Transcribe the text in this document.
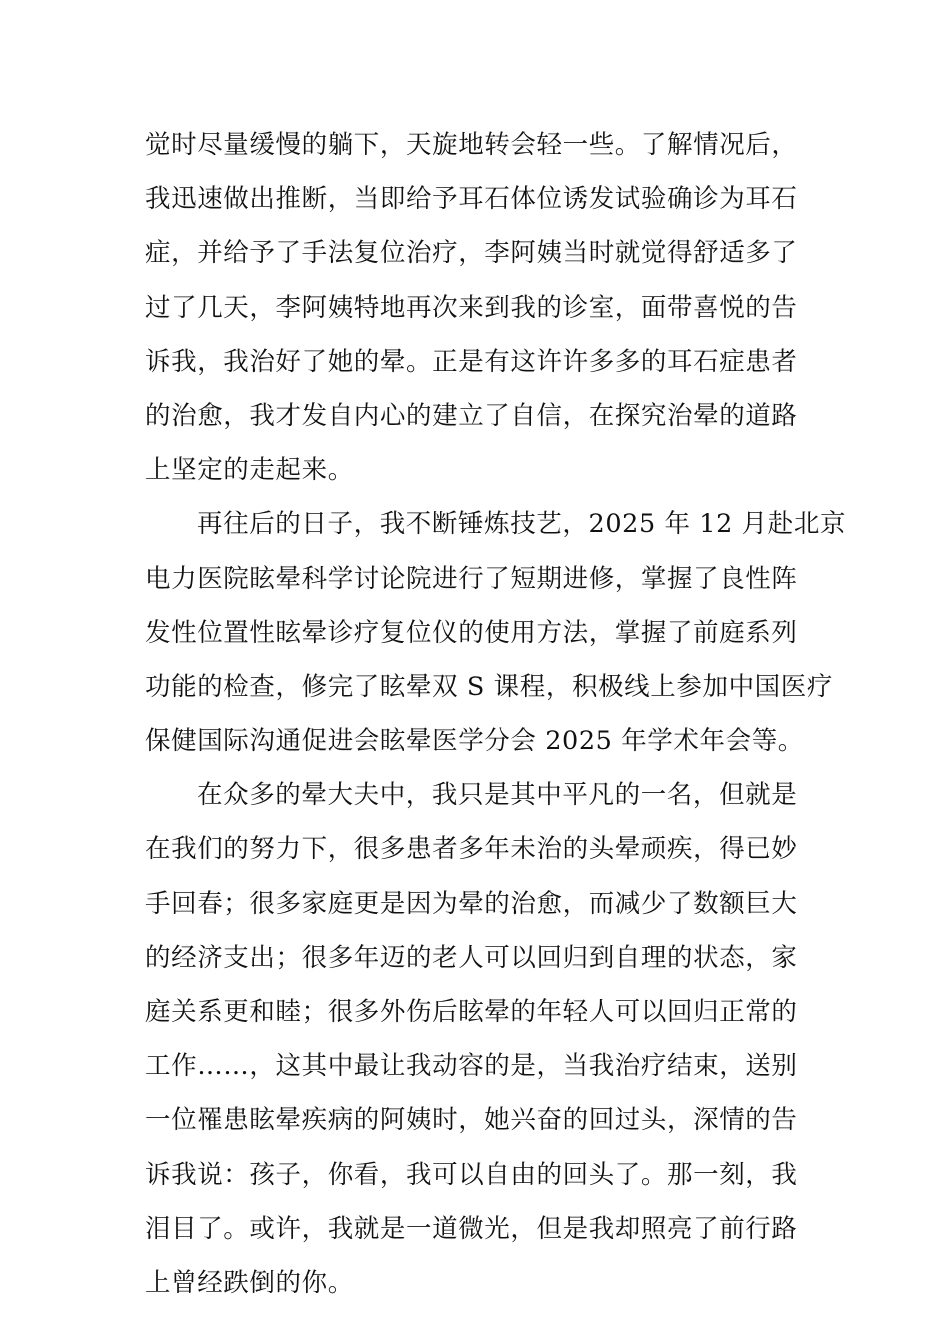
觉时尽量缓慢的躺下，天旋地转会轻一些。了解情况后，
我迅速做出推断，当即给予耳石体位诱发试验确诊为耳石
症，并给予了手法复位治疗，李阿姨当时就觉得舒适多了
过了几天，李阿姨特地再次来到我的诊室，面带喜悦的告
诉我，我治好了她的晕。正是有这许许多多的耳石症患者
的治愈，我才发自内心的建立了自信，在探究治晕的道路
上坚定的走起来。
再往后的日子，我不断锤炼技艺，2025 年 12 月赴北京
电力医院眩晕科学讨论院进行了短期进修，掌握了良性阵
发性位置性眩晕诊疗复位仪的使用方法，掌握了前庭系列
功能的检查，修完了眩晕双 S 课程，积极线上参加中国医疗
保健国际沟通促进会眩晕医学分会 2025 年学术年会等。
在众多的晕大夫中，我只是其中平凡的一名，但就是
在我们的努力下，很多患者多年未治的头晕顽疾，得已妙
手回春；很多家庭更是因为晕的治愈，而减少了数额巨大
的经济支出；很多年迈的老人可以回归到自理的状态，家
庭关系更和睦；很多外伤后眩晕的年轻人可以回归正常的
工作……，这其中最让我动容的是，当我治疗结束，送别
一位罹患眩晕疾病的阿姨时，她兴奋的回过头，深情的告
诉我说：孩子，你看，我可以自由的回头了。那一刻，我
泪目了。或许，我就是一道微光，但是我却照亮了前行路
上曾经跌倒的你。
